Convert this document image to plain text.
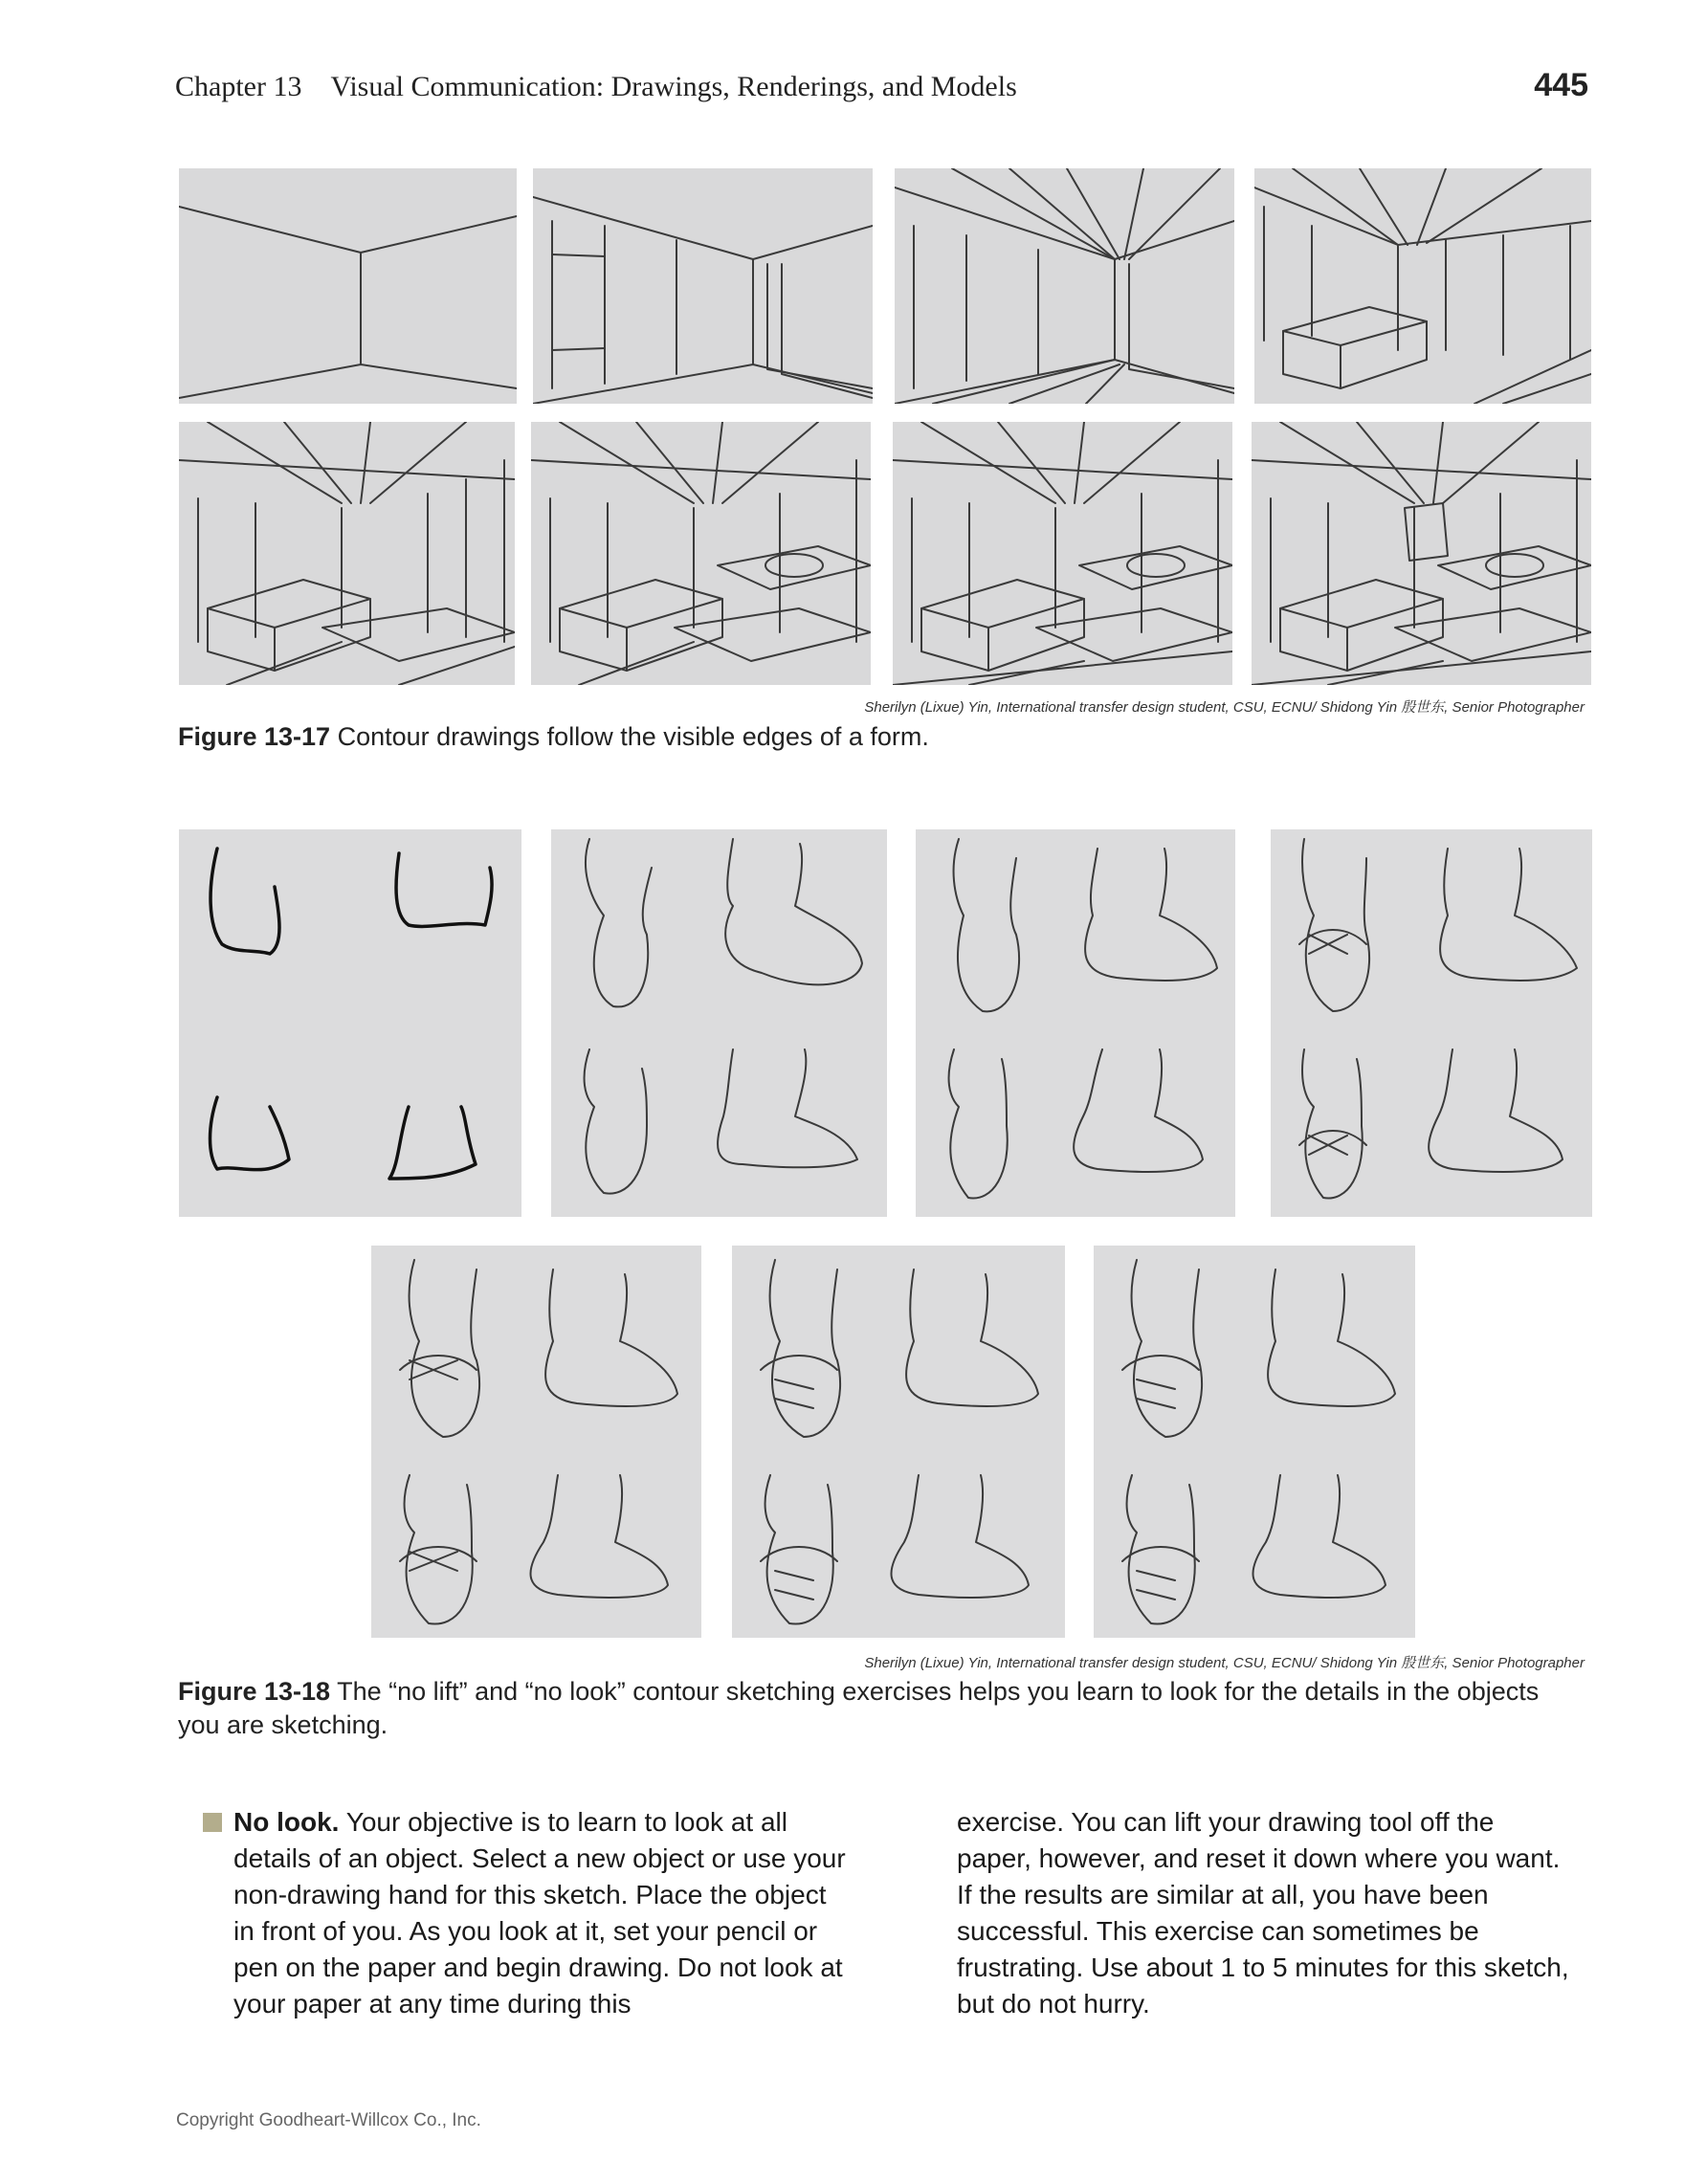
Chapter 13 Visual Communication: Drawings, Renderings, and Models	445
Sherilyn (Lixue) Yin, International transfer design student, CSU, ECNU/ Shidong Yin 殷世东, Senior Photographer
Figure 13-17 Contour drawings follow the visible edges of a form.
Sherilyn (Lixue) Yin, International transfer design student, CSU, ECNU/ Shidong Yin 殷世东, Senior Photographer
Figure 13-18 The “no lift” and “no look” contour sketching exercises helps you learn to look for the details in the objects you are sketching.
No look. Your objective is to learn to look at all details of an object. Select a new object or use your non-drawing hand for this sketch. Place the object in front of you. As you look at it, set your pencil or pen on the paper and begin drawing. Do not look at your paper at any time during this
exercise. You can lift your drawing tool off the paper, however, and reset it down where you want. If the results are similar at all, you have been successful. This exercise can sometimes be frustrating. Use about 1 to 5 minutes for this sketch, but do not hurry.
Copyright Goodheart-Willcox Co., Inc.
